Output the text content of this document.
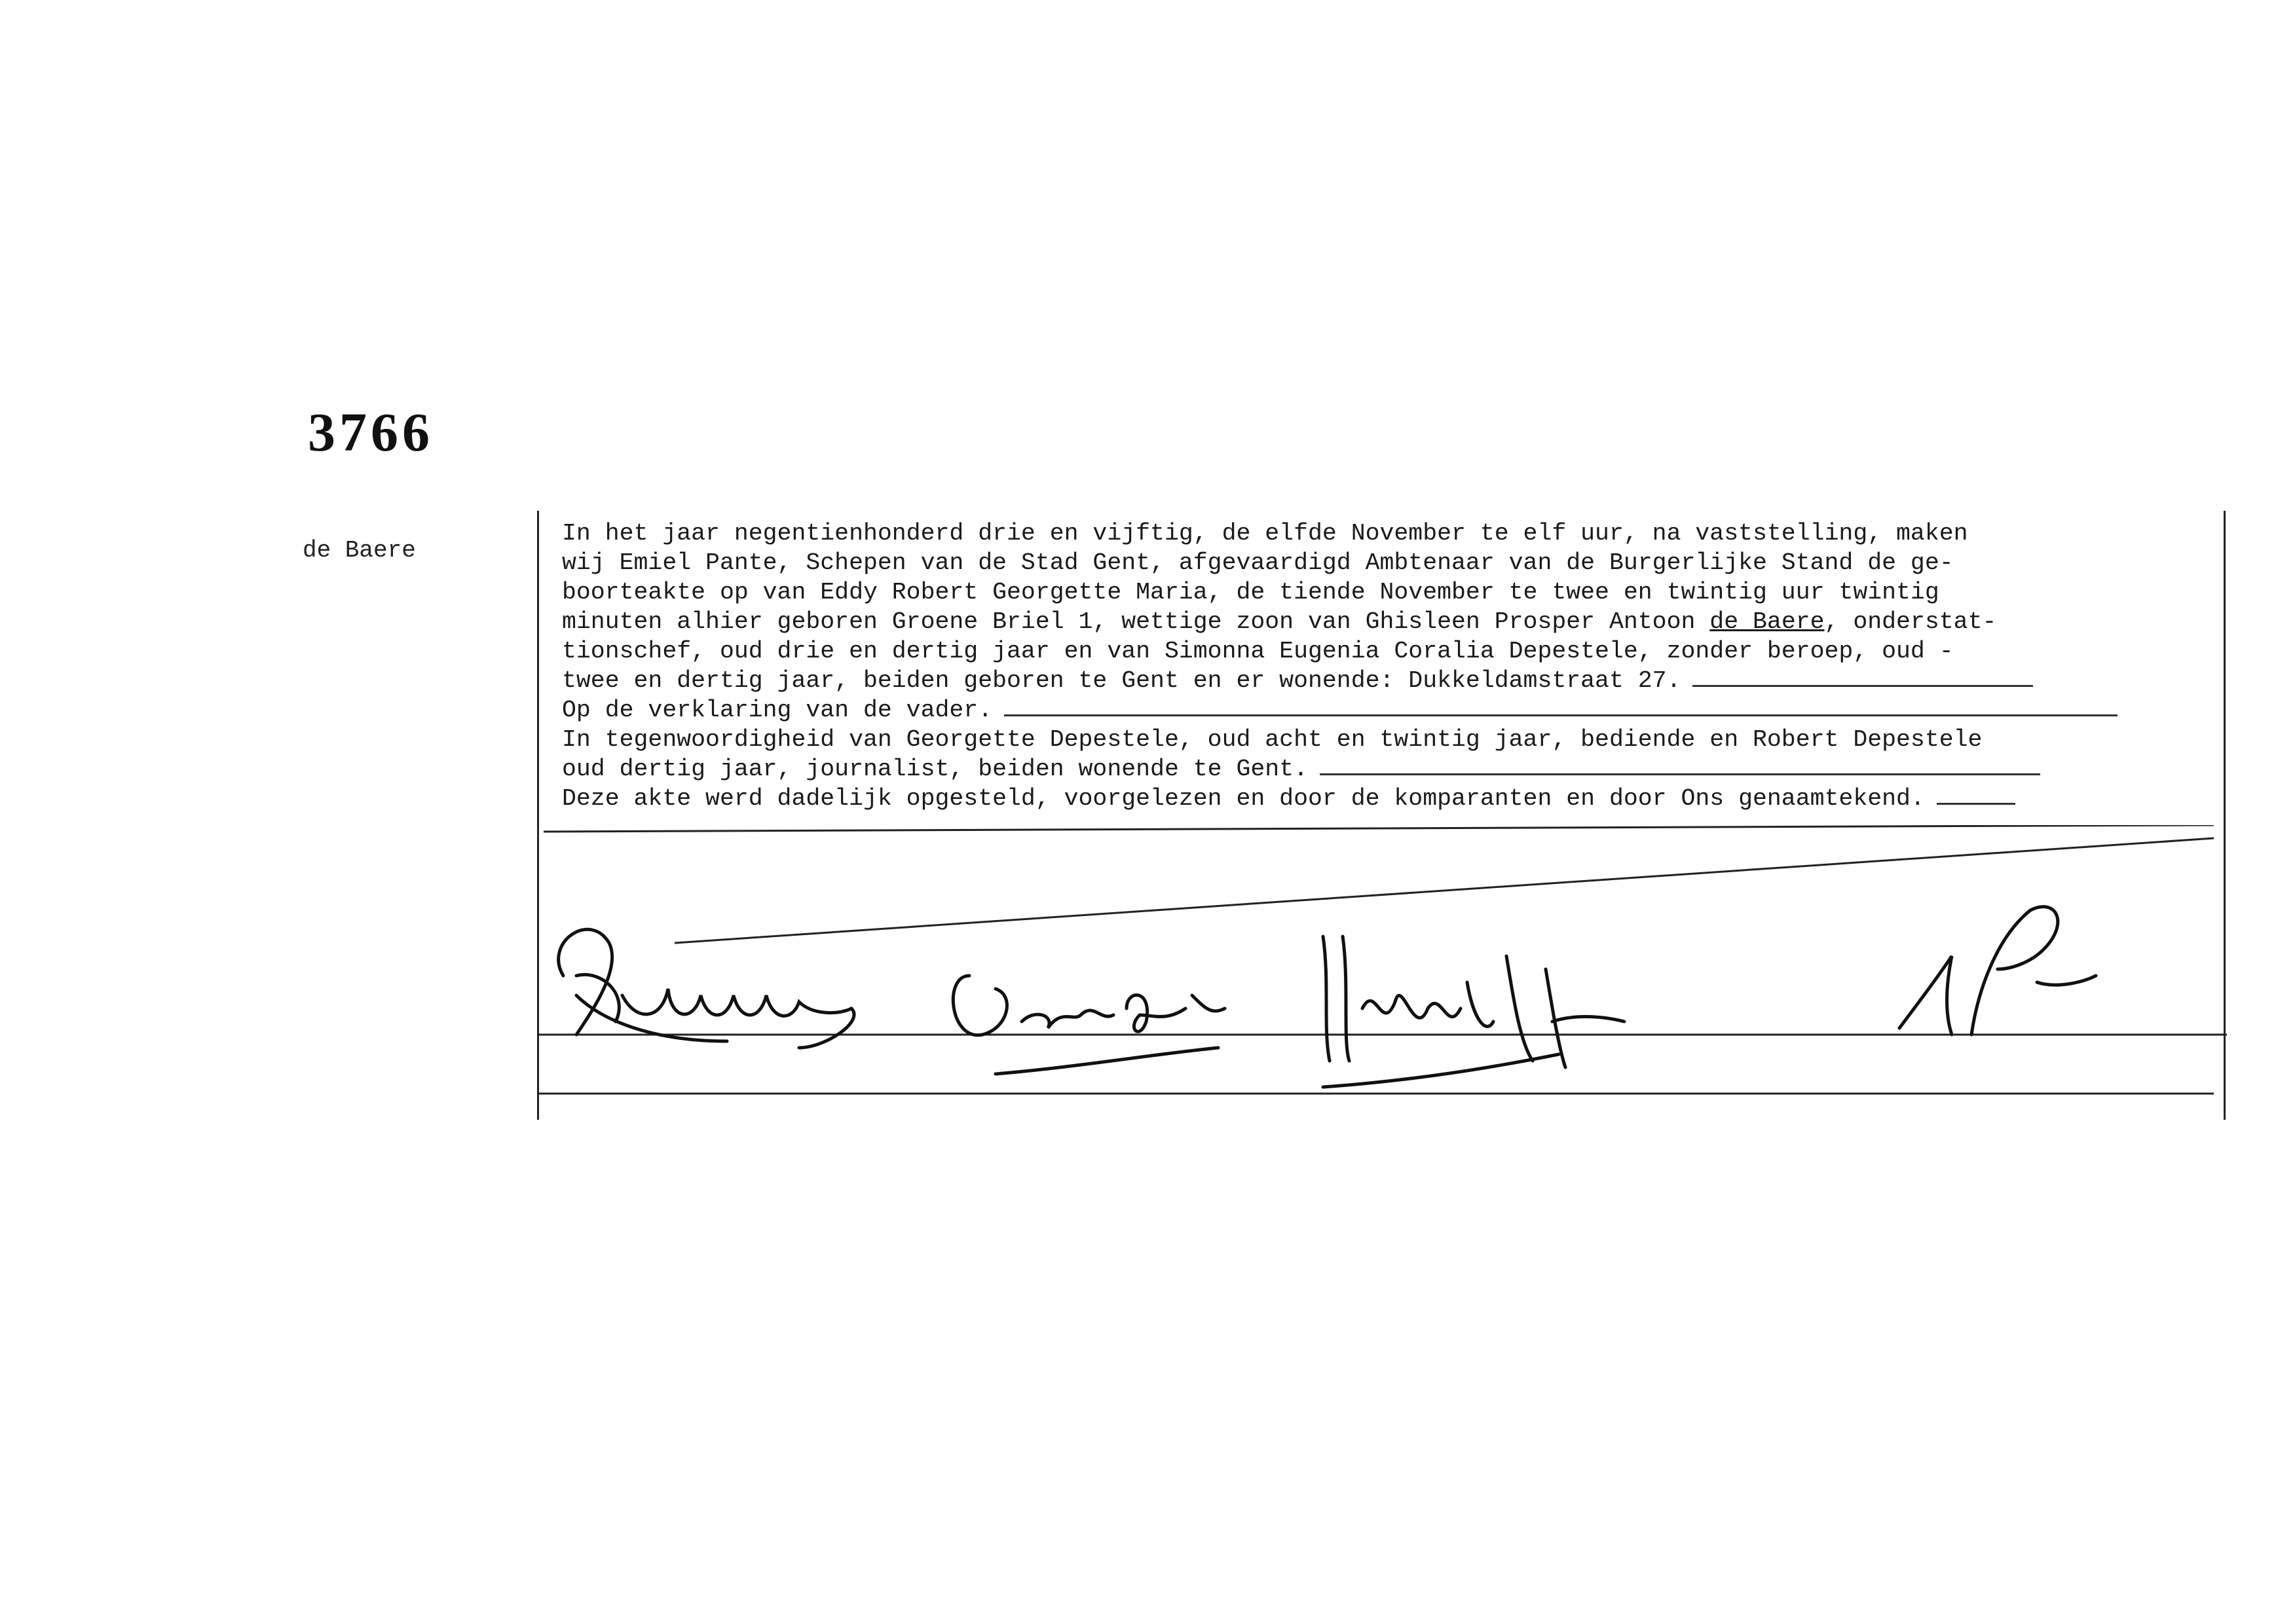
3766
de Baere
In het jaar negentienhonderd drie en vijftig, de elfde November te elf uur, na vaststelling, maken
wij Emiel Pante, Schepen van de Stad Gent, afgevaardigd Ambtenaar van de Burgerlijke Stand de ge-
boorteakte op van Eddy Robert Georgette Maria, de tiende November te twee en twintig uur twintig
minuten alhier geboren Groene Briel 1, wettige zoon van Ghisleen Prosper Antoon de Baere, onderstat-
tionschef, oud drie en dertig jaar en van Simonna Eugenia Coralia Depestele, zonder beroep, oud -
twee en dertig jaar, beiden geboren te Gent en er wonende: Dukkeldamstraat 27.
Op de verklaring van de vader.
In tegenwoordigheid van Georgette Depestele, oud acht en twintig jaar, bediende en Robert Depestele
oud dertig jaar, journalist, beiden wonende te Gent.
Deze akte werd dadelijk opgesteld, voorgelezen en door de komparanten en door Ons genaamtekend.
